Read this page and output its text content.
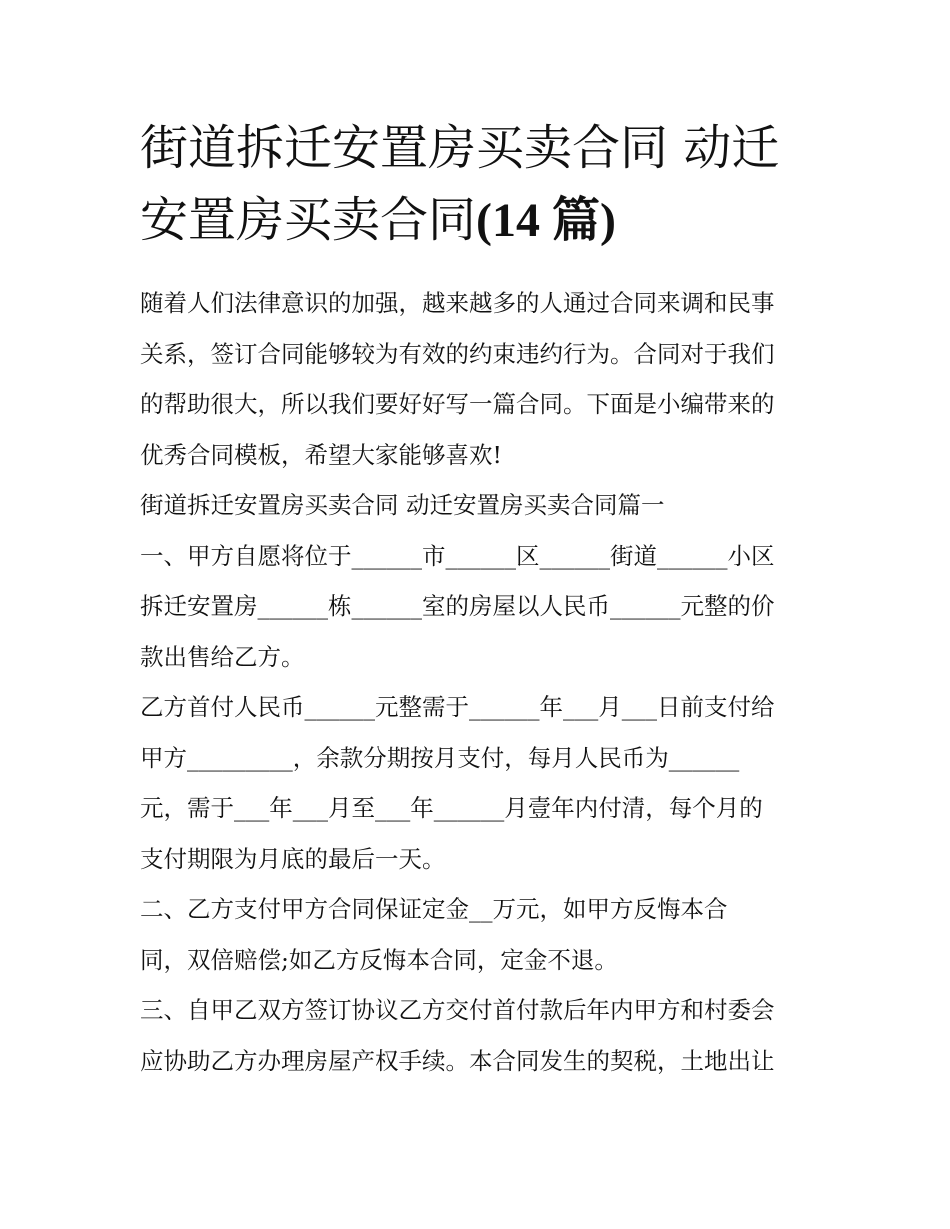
街道拆迁安置房买卖合同 动迁
安置房买卖合同(14 篇)
随着人们法律意识的加强，越来越多的人通过合同来调和民事
关系，签订合同能够较为有效的约束违约行为。合同对于我们
的帮助很大，所以我们要好好写一篇合同。下面是小编带来的
优秀合同模板，希望大家能够喜欢!
街道拆迁安置房买卖合同 动迁安置房买卖合同篇一
一、甲方自愿将位于______市______区______街道______小区
拆迁安置房______栋______室的房屋以人民币______元整的价
款出售给乙方。
乙方首付人民币______元整需于______年___月___日前支付给
甲方_________，余款分期按月支付，每月人民币为______
元，需于___年___月至___年______月壹年内付清，每个月的
支付期限为月底的最后一天。
二、乙方支付甲方合同保证定金__万元，如甲方反悔本合
同，双倍赔偿;如乙方反悔本合同，定金不退。
三、自甲乙双方签订协议乙方交付首付款后年内甲方和村委会
应协助乙方办理房屋产权手续。本合同发生的契税，土地出让
